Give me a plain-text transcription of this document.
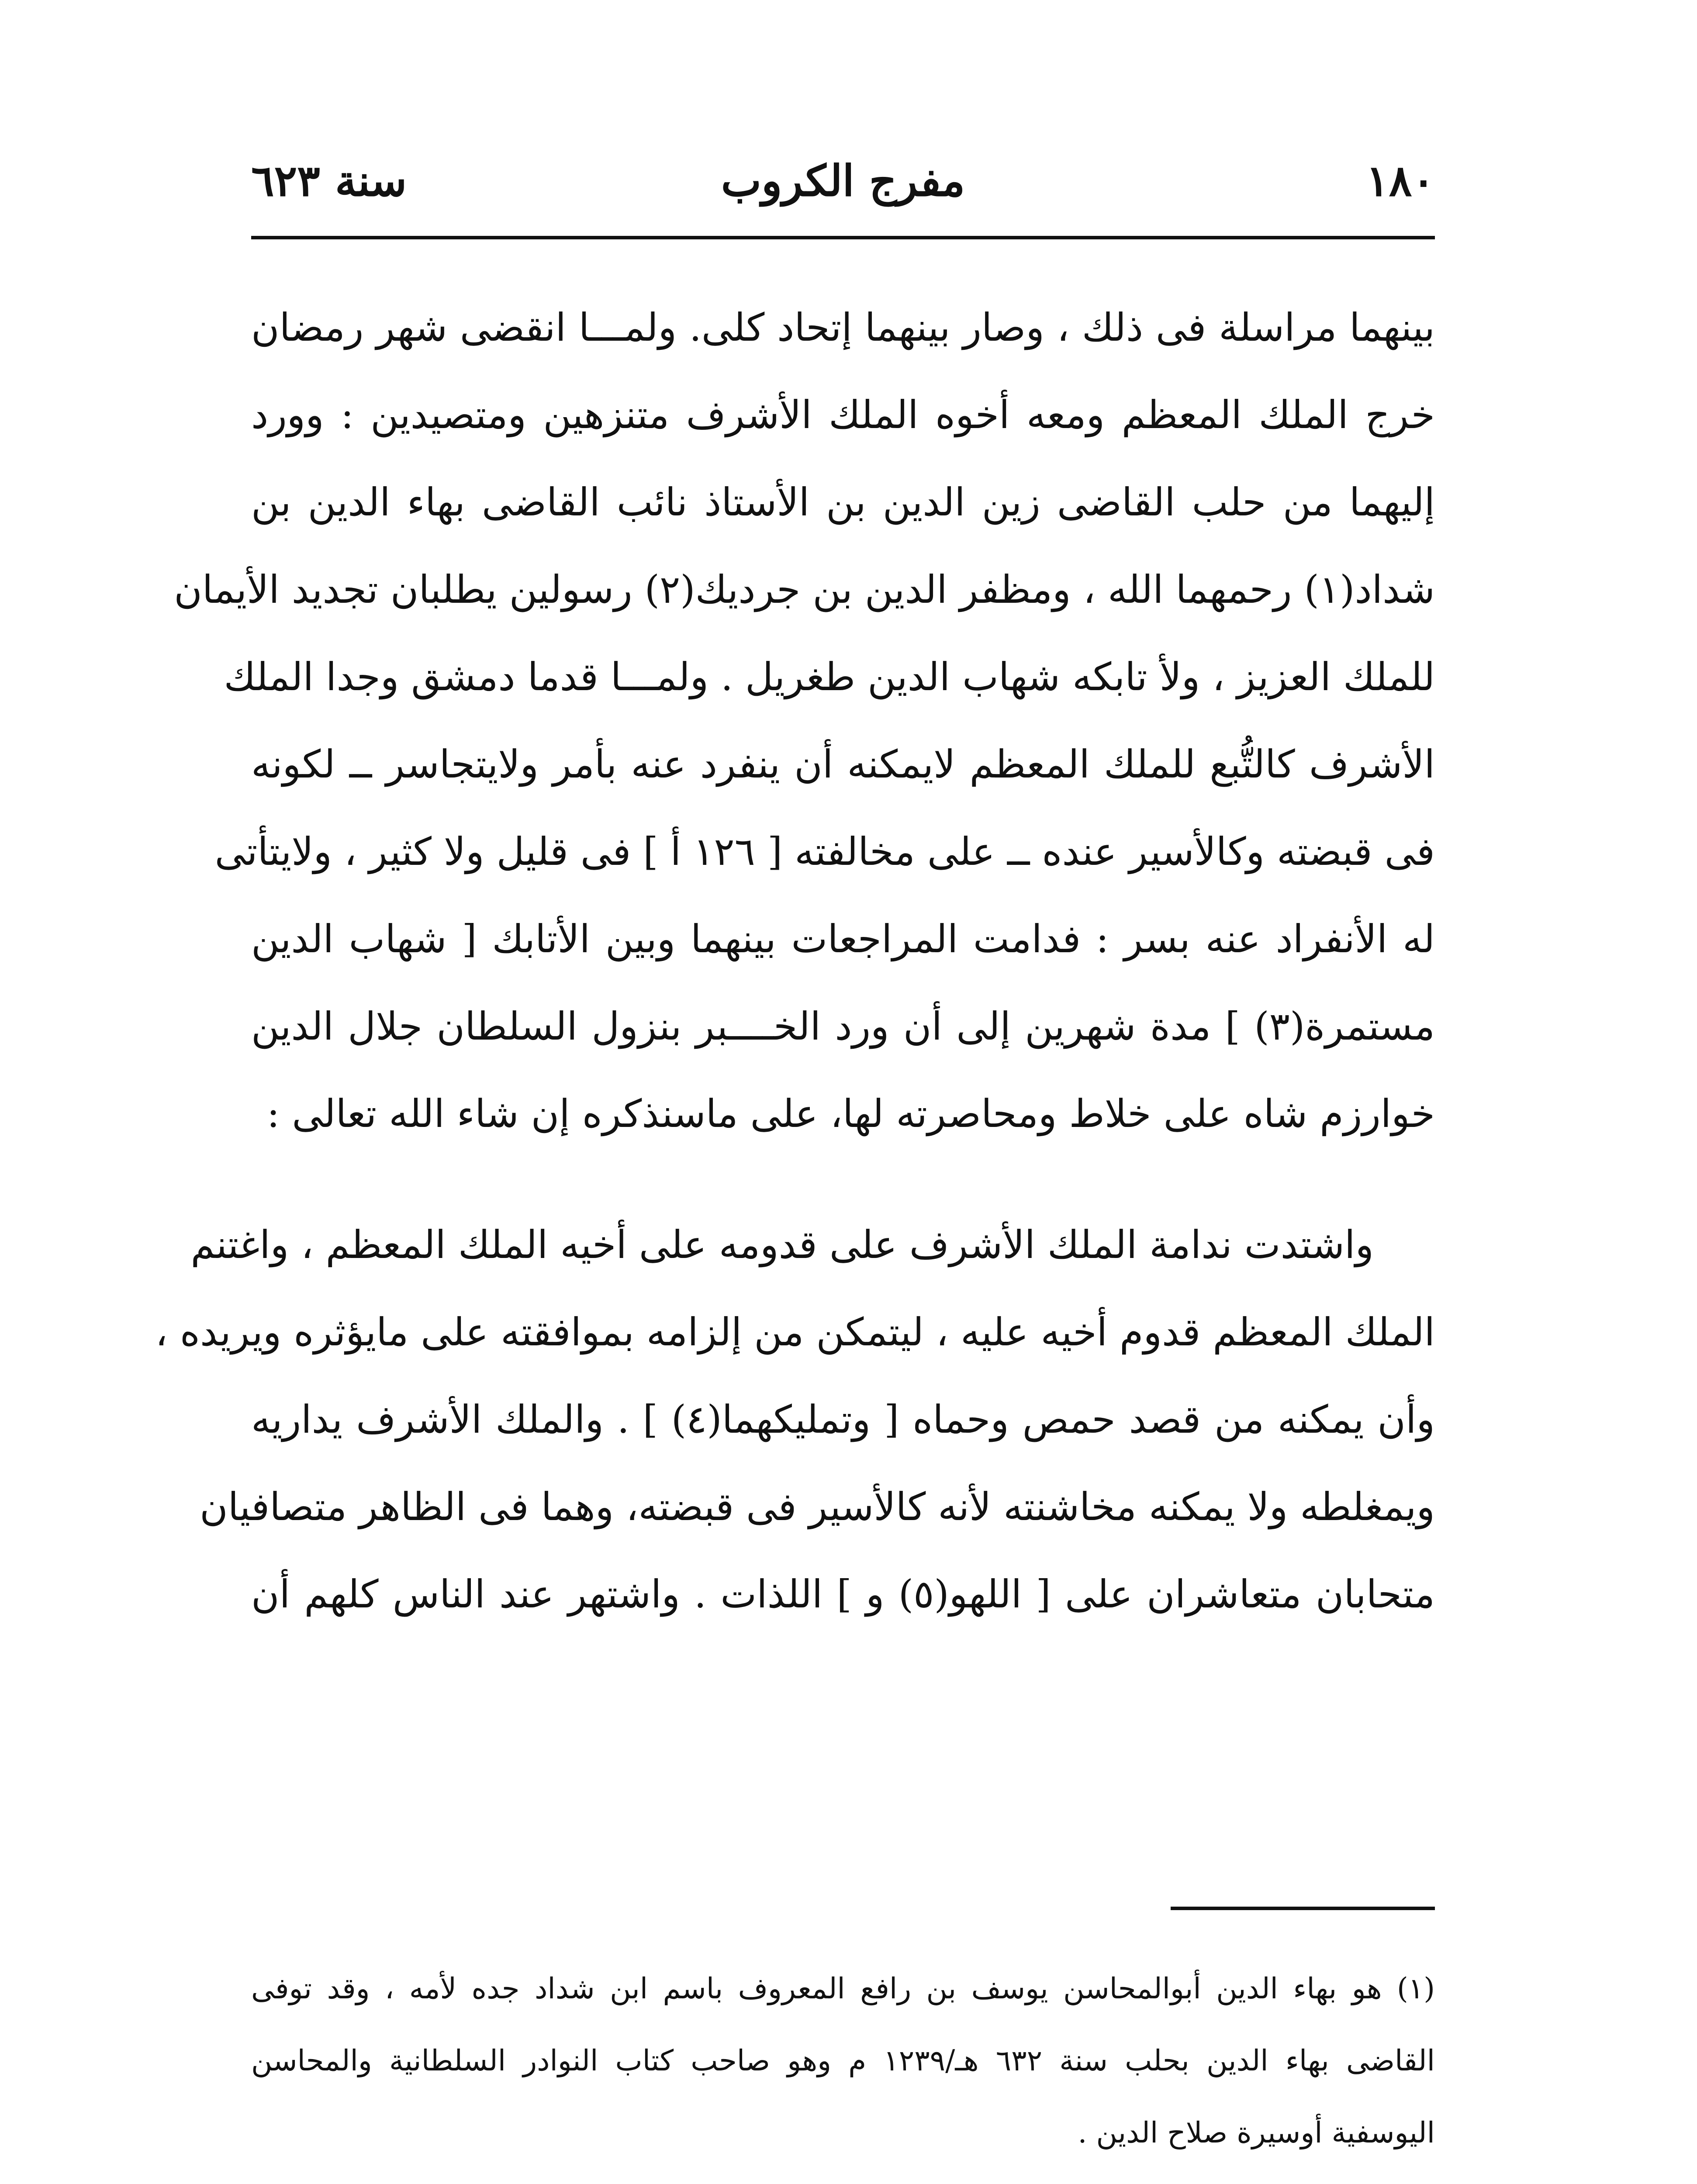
١٨٠
مفرج الكروب
سنة ٦٢٣
بينهما مراسلة فى ذلك ، وصار بينهما إتحاد كلى. ولمـــا انقضى شهر رمضان
خرج الملك المعظم ومعه أخوه الملك الأشرف متنزهين ومتصيدين : وورد
إليهما من حلب القاضى زين الدين بن الأستاذ نائب القاضى بهاء الدين بن
شداد(١) رحمهما الله ، ومظفر الدين بن جرديك(٢) رسولين يطلبان تجديد الأيمان
للملك العزيز ، ولأ تابكه شهاب الدين طغريل . ولمـــا قدما دمشق وجدا الملك
الأشرف كالتُّبع للملك المعظم لايمكنه أن ينفرد عنه بأمر ولايتجاسر ــ لكونه
فى قبضته وكالأسير عنده ــ على مخالفته [ ١٢٦ أ ] فى قليل ولا كثير ، ولايتأتى
له الأنفراد عنه بسر : فدامت المراجعات بينهما وبين الأتابك [ شهاب الدين
مستمرة(٣) ] مدة شهرين إلى أن ورد الخــــبر بنزول السلطان جلال الدين
خوارزم شاه على خلاط ومحاصرته لها، على ماسنذكره إن شاء الله تعالى :
واشتدت ندامة الملك الأشرف على قدومه على أخيه الملك المعظم ، واغتنم
الملك المعظم قدوم أخيه عليه ، ليتمكن من إلزامه بموافقته على مايؤثره ويريده ،
وأن يمكنه من قصد حمص وحماه [ وتمليكهما(٤) ] . والملك الأشرف يداريه
ويمغلطه ولا يمكنه مخاشنته لأنه كالأسير فى قبضته، وهما فى الظاهر متصافيان
متحابان متعاشران على [ اللهو(٥) و ] اللذات . واشتهر عند الناس كلهم أن
(١) هو بهاء الدين أبوالمحاسن يوسف بن رافع المعروف باسم ابن شداد جده لأمه ، وقد توفى
القاضى بهاء الدين بحلب سنة ٦٣٢ هـ/١٢٣٩ م وهو صاحب كتاب النوادر السلطانية والمحاسن
اليوسفية أوسيرة صلاح الدين .
